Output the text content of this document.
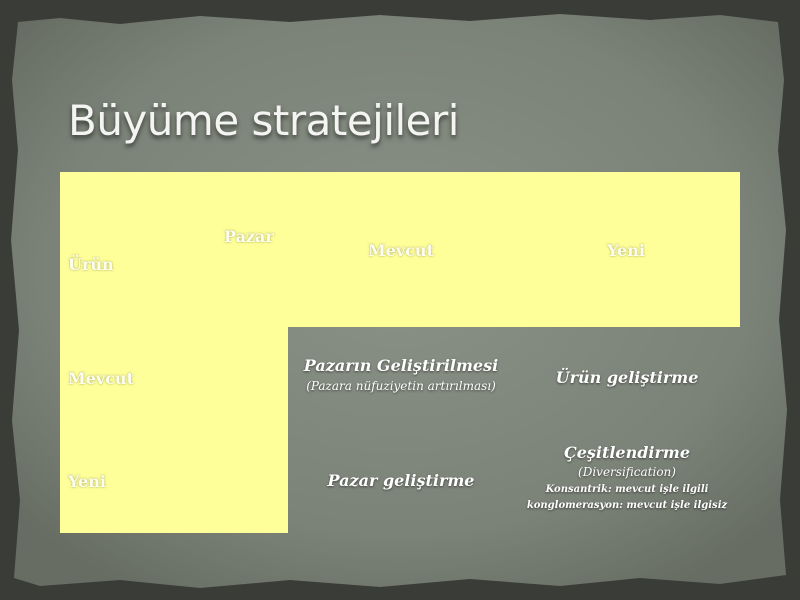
Büyüme stratejileri
Pazar
Ürün
Mevcut	Yeni
Mevcut
Yeni
Pazarın Geliştirilmesi
(Pazara nüfuziyetin artırılması)	Ürün geliştirme
Pazar geliştirme
Çeşitlendirme
(Diversification)
Konsantrik: mevcut işle ilgili
konglomerasyon: mevcut işle ilgisiz
